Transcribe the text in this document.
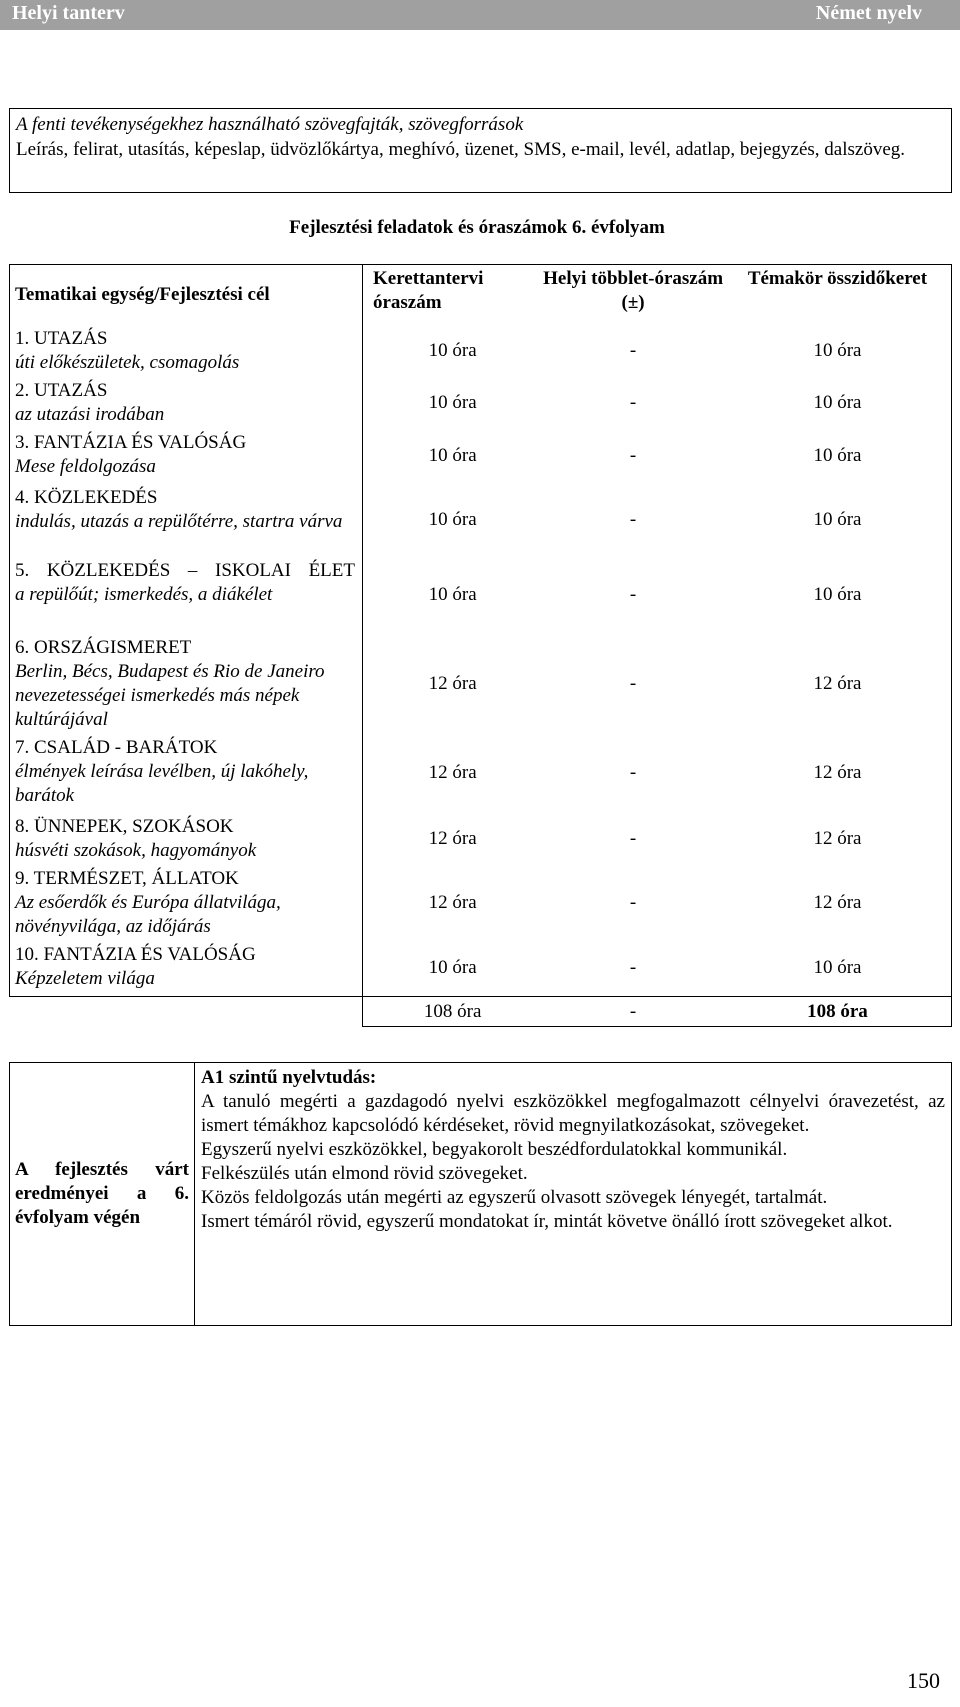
Helyi tanterv	Német nyelv
A fenti tevékenységekhez használható szövegfajták, szövegforrások
Leírás, felirat, utasítás, képeslap, üdvözlőkártya, meghívó, üzenet, SMS, e-mail, levél, adatlap, bejegyzés, dalszöveg.
Fejlesztési feladatok és óraszámok 6. évfolyam
Tematikai egység/Fejlesztési cél	Kerettantervi óraszám	Helyi többlet-óraszám (±)	Témakör összidőkeret

1. UTAZÁS
úti előkészületek, csomagolás	10 óra	-	10 óra

2. UTAZÁS
az utazási irodában	10 óra	-	10 óra

3. FANTÁZIA ÉS VALÓSÁG
Mese feldolgozása	10 óra	-	10 óra

4. KÖZLEKEDÉS
indulás, utazás a repülőtérre, startra várva	10 óra	-	10 óra

5. KÖZLEKEDÉS – ISKOLAI ÉLET
a repülőút; ismerkedés, a diákélet	10 óra	-	10 óra

6. ORSZÁGISMERET
Berlin, Bécs, Budapest és Rio de Janeiro nevezetességei ismerkedés más népek kultúrájával	12 óra	-	12 óra

7. CSALÁD - BARÁTOK
élmények leírása levélben, új lakóhely, barátok	12 óra	-	12 óra

8. ÜNNEPEK, SZOKÁSOK
húsvéti szokások, hagyományok	12 óra	-	12 óra

9. TERMÉSZET, ÁLLATOK
Az esőerdők és Európa állatvilága, növényvilága, az időjárás	12 óra	-	12 óra

10. FANTÁZIA ÉS VALÓSÁG
Képzeletem világa	10 óra	-	10 óra
	108 óra	-	108 óra
A fejlesztés várt eredményei a 6. évfolyam végén	
A1 szintű nyelvtudás:
A tanuló megérti a gazdagodó nyelvi eszközökkel megfogalmazott célnyelvi óravezetést, az ismert témákhoz kapcsolódó kérdéseket, rövid megnyilatkozásokat, szövegeket.
Egyszerű nyelvi eszközökkel, begyakorolt beszédfordulatokkal kommunikál.
Felkészülés után elmond rövid szövegeket.
Közös feldolgozás után megérti az egyszerű olvasott szövegek lényegét, tartalmát.
Ismert témáról rövid, egyszerű mondatokat ír, mintát követve önálló írott szövegeket alkot.
150
